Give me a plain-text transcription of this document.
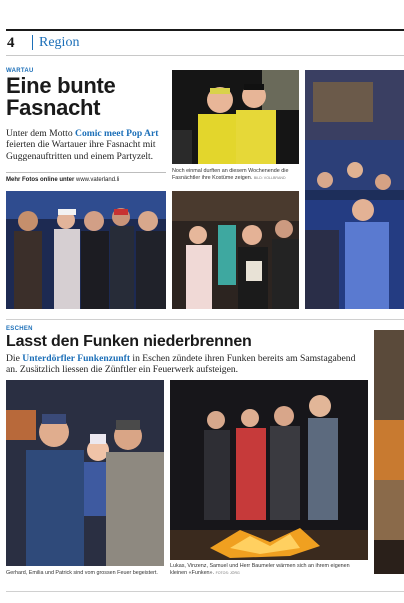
4 Region
WARTAU
Eine bunte Fasnacht
Unter dem Motto Comic meet Pop Art feierten die Wartauer ihre Fasnacht mit Guggenauftritten und einem Partyzelt.
Mehr Fotos online unter www.vaterland.li
Noch einmal durften an diesem Wochenende die Fasnächtler ihre Kostüme zeigen. BILD: VOLLBRAND
ESCHEN
Lasst den Funken niederbrennen
Die Unterdörfler Funkenzunft in Eschen zündete ihren Funken bereits am Samstagabend an. Zusätzlich liessen die Zünftler ein Feuerwerk aufsteigen.
Gerhard, Emilia und Patrick sind vom grossen Feuer begeistert.
Lukas, Vinzenz, Samuel und Herr Baumeler wärmen sich an ihrem eigenen kleinen «Funken». FOTOS: JÖRG
